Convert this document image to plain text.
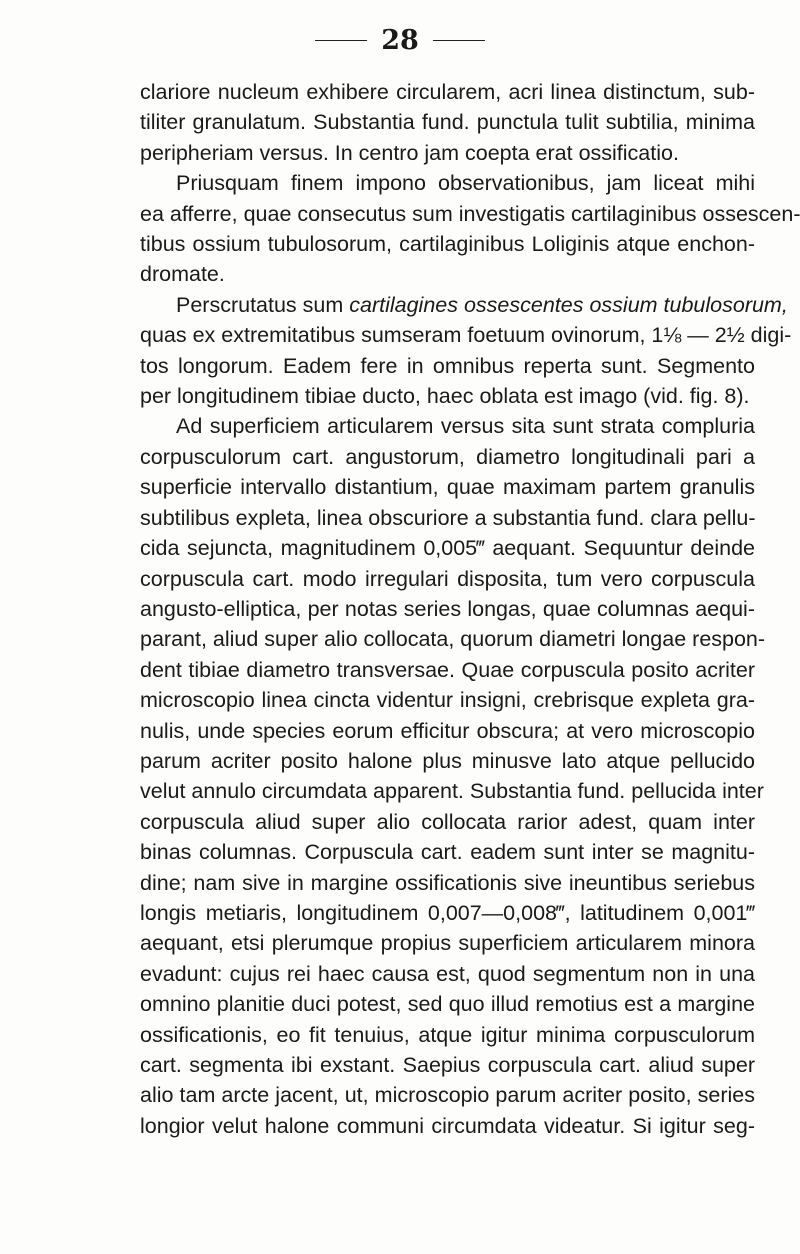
28
clariore nucleum exhibere circularem, acri linea distinctum, sub-
tiliter granulatum. Substantia fund. punctula tulit subtilia, minima
peripheriam versus. In centro jam coepta erat ossificatio.
Priusquam finem impono observationibus, jam liceat mihi
ea afferre, quae consecutus sum investigatis cartilaginibus ossescen-
tibus ossium tubulosorum, cartilaginibus Loliginis atque enchon-
dromate.
Perscrutatus sum cartilagines ossescentes ossium tubulosorum,
quas ex extremitatibus sumseram foetuum ovinorum, 1⅛ — 2½ digi-
tos longorum. Eadem fere in omnibus reperta sunt. Segmento
per longitudinem tibiae ducto, haec oblata est imago (vid. fig. 8).
Ad superficiem articularem versus sita sunt strata compluria
corpusculorum cart. angustorum, diametro longitudinali pari a
superficie intervallo distantium, quae maximam partem granulis
subtilibus expleta, linea obscuriore a substantia fund. clara pellu-
cida sejuncta, magnitudinem 0,005‴ aequant. Sequuntur deinde
corpuscula cart. modo irregulari disposita, tum vero corpuscula
angusto-elliptica, per notas series longas, quae columnas aequi-
parant, aliud super alio collocata, quorum diametri longae respon-
dent tibiae diametro transversae. Quae corpuscula posito acriter
microscopio linea cincta videntur insigni, crebrisque expleta gra-
nulis, unde species eorum efficitur obscura; at vero microscopio
parum acriter posito halone plus minusve lato atque pellucido
velut annulo circumdata apparent. Substantia fund. pellucida inter
corpuscula aliud super alio collocata rarior adest, quam inter
binas columnas. Corpuscula cart. eadem sunt inter se magnitu-
dine; nam sive in margine ossificationis sive ineuntibus seriebus
longis metiaris, longitudinem 0,007—0,008‴, latitudinem 0,001‴
aequant, etsi plerumque propius superficiem articularem minora
evadunt: cujus rei haec causa est, quod segmentum non in una
omnino planitie duci potest, sed quo illud remotius est a margine
ossificationis, eo fit tenuius, atque igitur minima corpusculorum
cart. segmenta ibi exstant. Saepius corpuscula cart. aliud super
alio tam arcte jacent, ut, microscopio parum acriter posito, series
longior velut halone communi circumdata videatur. Si igitur seg-
